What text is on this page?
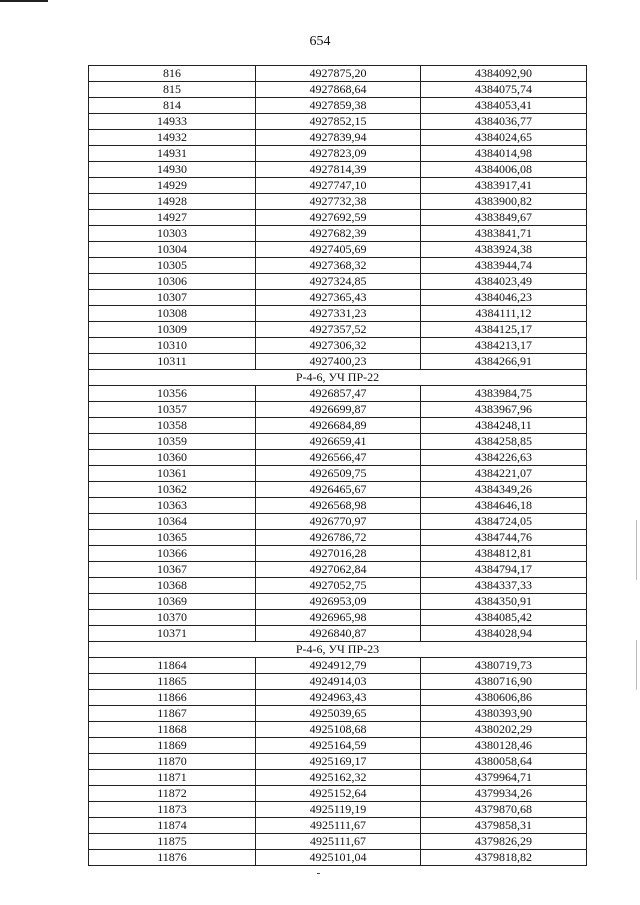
654
816	4927875,20	4384092,90
815	4927868,64	4384075,74
814	4927859,38	4384053,41
14933	4927852,15	4384036,77
14932	4927839,94	4384024,65
14931	4927823,09	4384014,98
14930	4927814,39	4384006,08
14929	4927747,10	4383917,41
14928	4927732,38	4383900,82
14927	4927692,59	4383849,67
10303	4927682,39	4383841,71
10304	4927405,69	4383924,38
10305	4927368,32	4383944,74
10306	4927324,85	4384023,49
10307	4927365,43	4384046,23
10308	4927331,23	4384111,12
10309	4927357,52	4384125,17
10310	4927306,32	4384213,17
10311	4927400,23	4384266,91
Р-4-6, УЧ ПР-22		
10356	4926857,47	4383984,75
10357	4926699,87	4383967,96
10358	4926684,89	4384248,11
10359	4926659,41	4384258,85
10360	4926566,47	4384226,63
10361	4926509,75	4384221,07
10362	4926465,67	4384349,26
10363	4926568,98	4384646,18
10364	4926770,97	4384724,05
10365	4926786,72	4384744,76
10366	4927016,28	4384812,81
10367	4927062,84	4384794,17
10368	4927052,75	4384337,33
10369	4926953,09	4384350,91
10370	4926965,98	4384085,42
10371	4926840,87	4384028,94
Р-4-6, УЧ ПР-23		
11864	4924912,79	4380719,73
11865	4924914,03	4380716,90
11866	4924963,43	4380606,86
11867	4925039,65	4380393,90
11868	4925108,68	4380202,29
11869	4925164,59	4380128,46
11870	4925169,17	4380058,64
11871	4925162,32	4379964,71
11872	4925152,64	4379934,26
11873	4925119,19	4379870,68
11874	4925111,67	4379858,31
11875	4925111,67	4379826,29
11876	4925101,04	4379818,82
